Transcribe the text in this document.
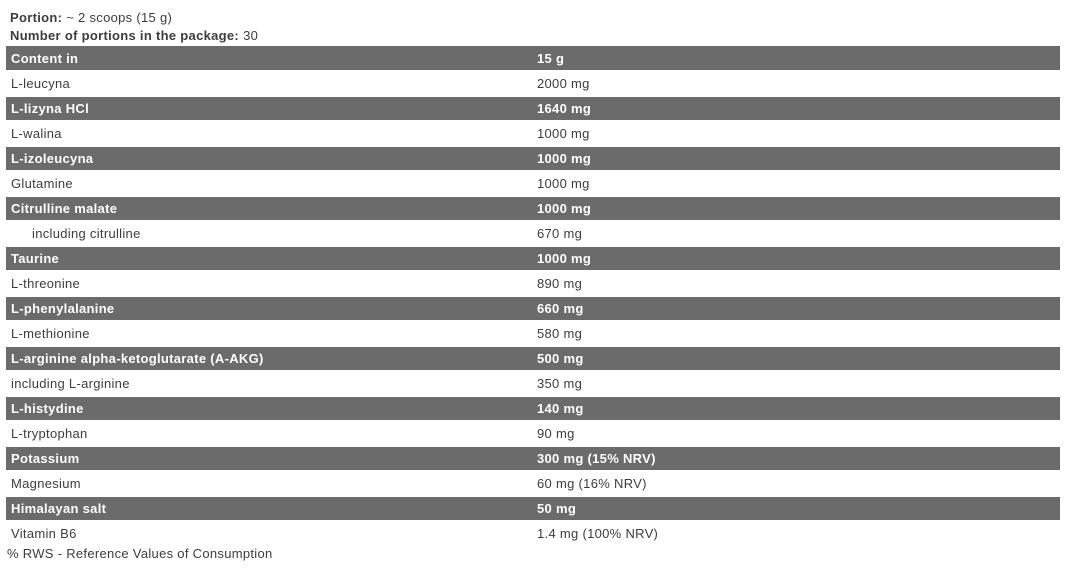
Portion: ~ 2 scoops (15 g)
Number of portions in the package: 30
Content in	15 g
L-leucyna	2000 mg
L-lizyna HCl	1640 mg
L-walina	1000 mg
L-izoleucyna	1000 mg
Glutamine	1000 mg
Citrulline malate	1000 mg
including citrulline	670 mg
Taurine	1000 mg
L-threonine	890 mg
L-phenylalanine	660 mg
L-methionine	580 mg
L-arginine alpha-ketoglutarate (A-AKG)	500 mg
including L-arginine	350 mg
L-histydine	140 mg
L-tryptophan	90 mg
Potassium	300 mg (15% NRV)
Magnesium	60 mg (16% NRV)
Himalayan salt	50 mg
Vitamin B6	1.4 mg (100% NRV)
% RWS - Reference Values of Consumption
